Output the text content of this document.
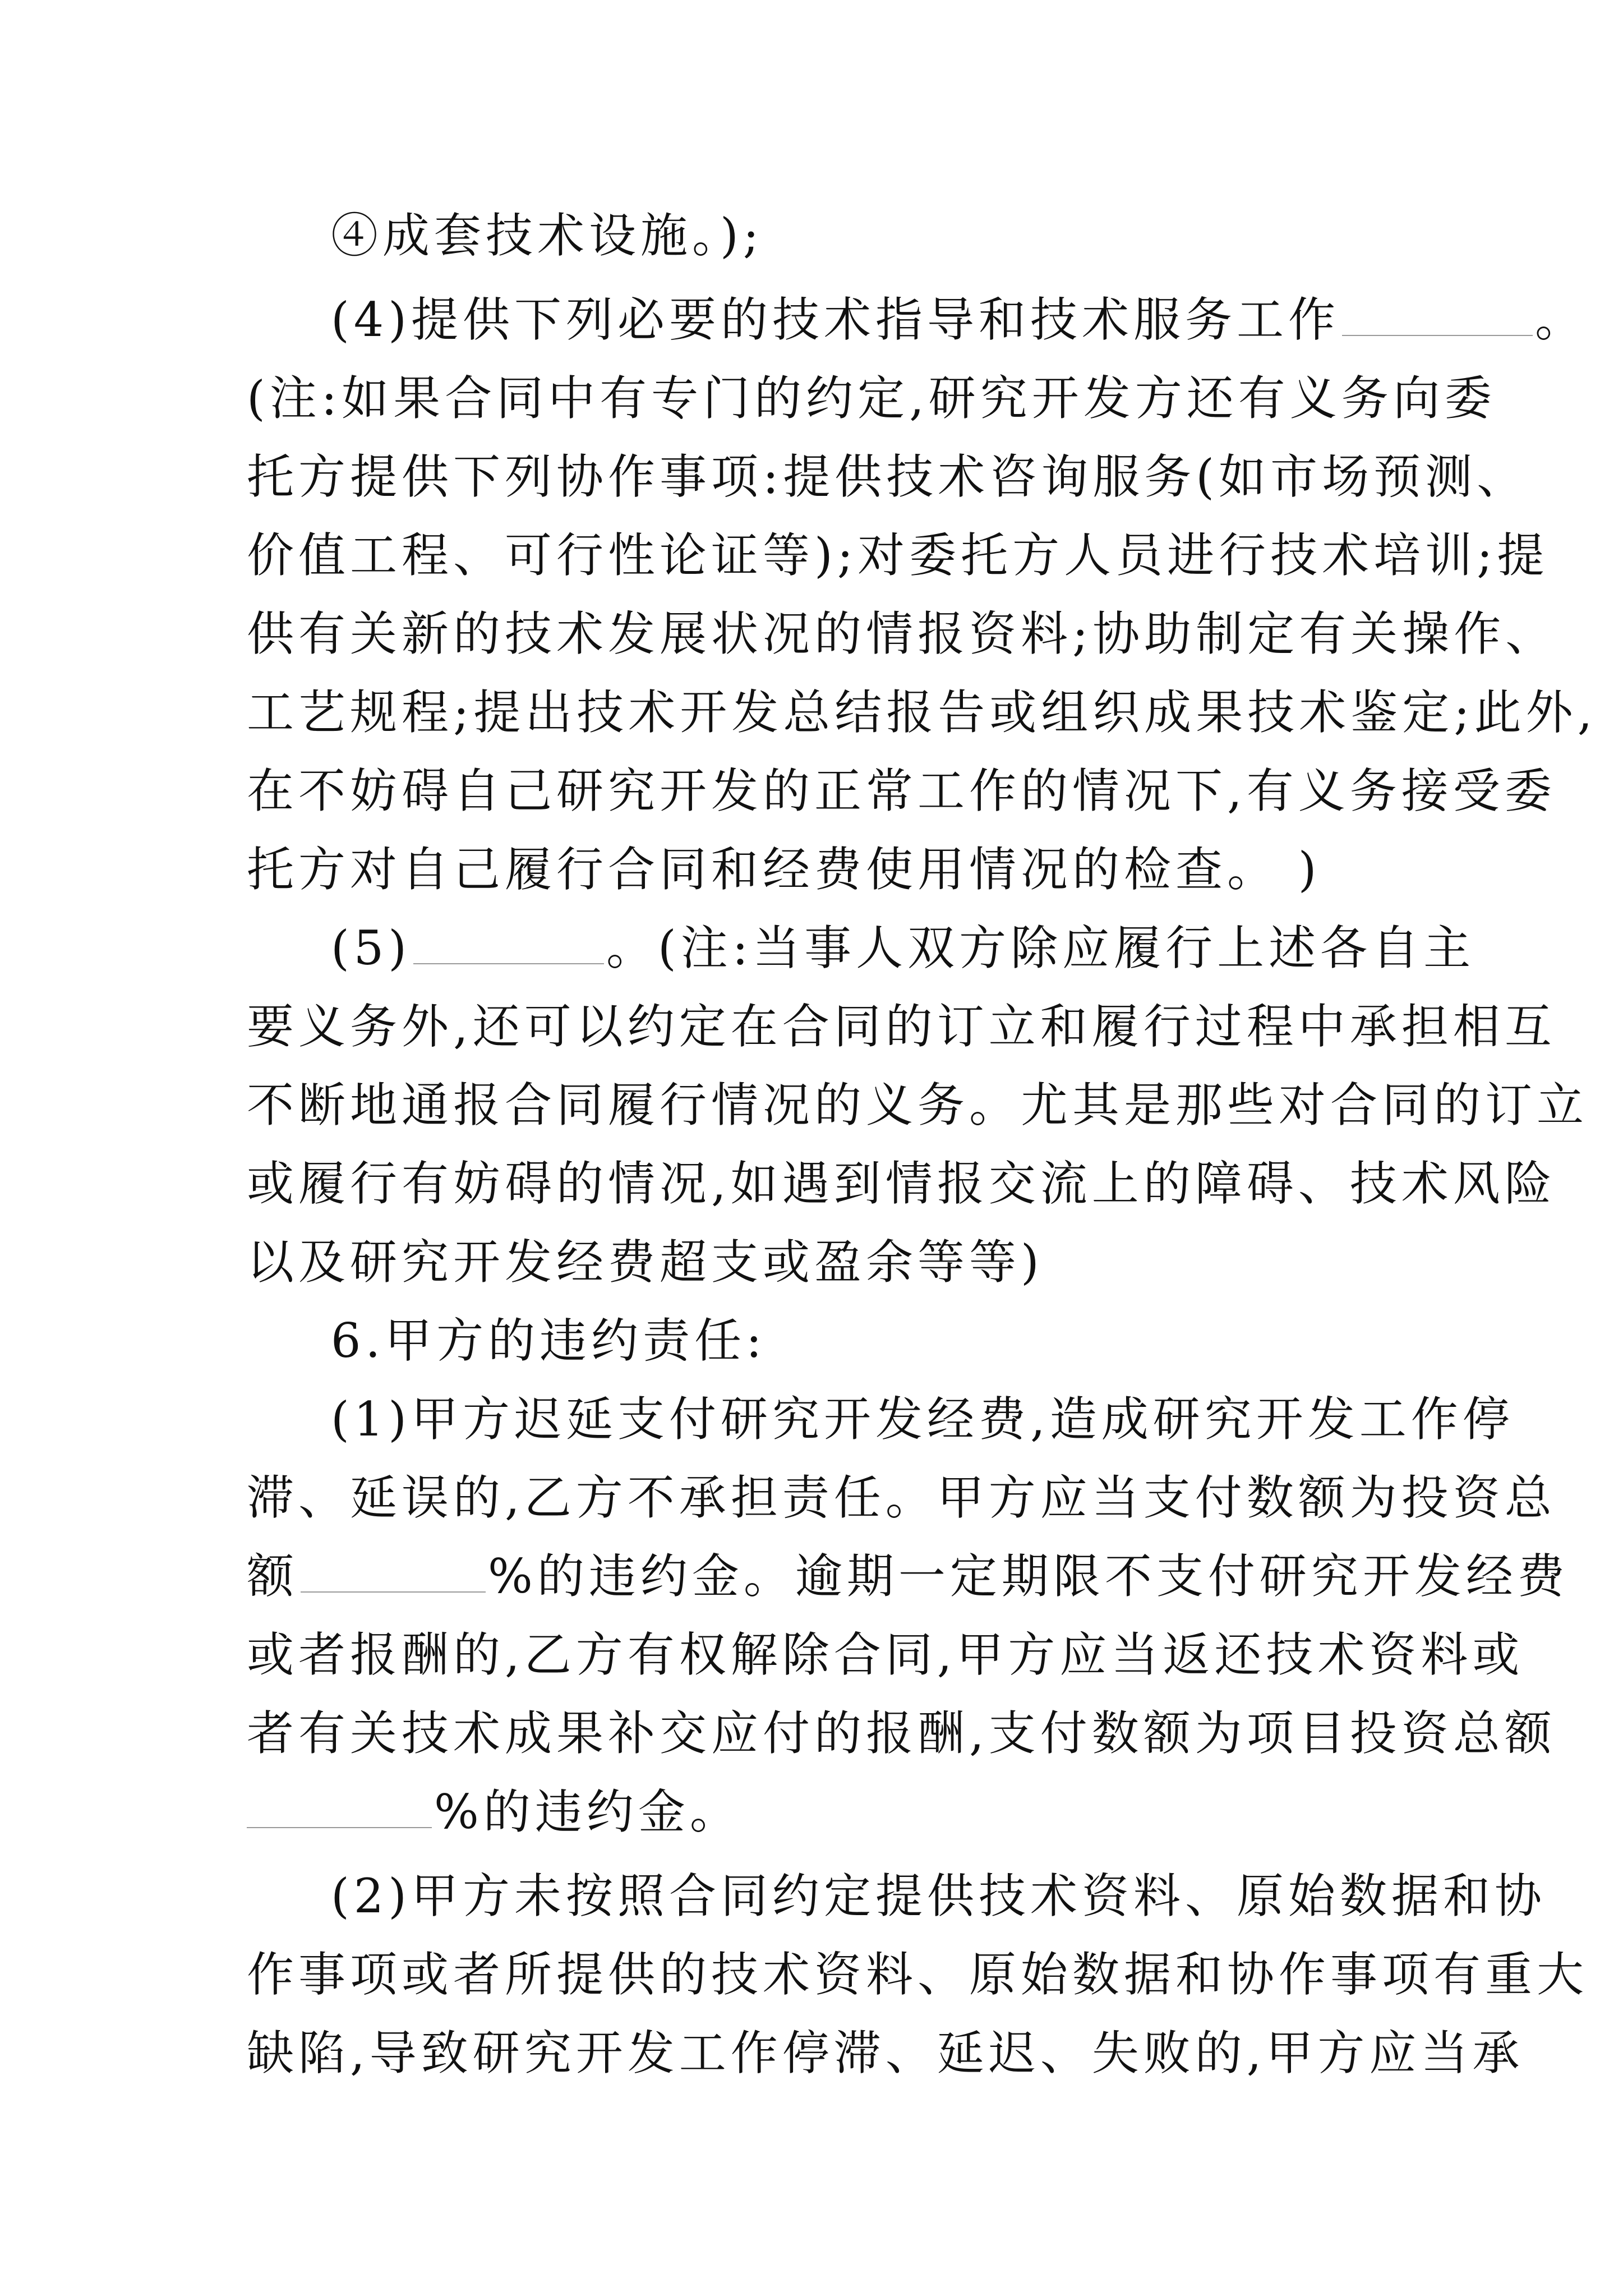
④成套技术设施。);
(4)提供下列必要的技术指导和技术服务工作	。
(注:如果合同中有专门的约定,研究开发方还有义务向委
托方提供下列协作事项:提供技术咨询服务(如市场预测、
价值工程、可行性论证等);对委托方人员进行技术培训;提
供有关新的技术发展状况的情报资料;协助制定有关操作、
工艺规程;提出技术开发总结报告或组织成果技术鉴定;此外,
在不妨碍自己研究开发的正常工作的情况下,有义务接受委
托方对自己履行合同和经费使用情况的检查。 )
(5)	。(注:当事人双方除应履行上述各自主
要义务外,还可以约定在合同的订立和履行过程中承担相互
不断地通报合同履行情况的义务。尤其是那些对合同的订立
或履行有妨碍的情况,如遇到情报交流上的障碍、技术风险
以及研究开发经费超支或盈余等等)
6.甲方的违约责任:
(1)甲方迟延支付研究开发经费,造成研究开发工作停
滞、延误的,乙方不承担责任。甲方应当支付数额为投资总
额	%的违约金。逾期一定期限不支付研究开发经费
或者报酬的,乙方有权解除合同,甲方应当返还技术资料或
者有关技术成果补交应付的报酬,支付数额为项目投资总额
%的违约金。
(2)甲方未按照合同约定提供技术资料、原始数据和协
作事项或者所提供的技术资料、原始数据和协作事项有重大
缺陷,导致研究开发工作停滞、延迟、失败的,甲方应当承
